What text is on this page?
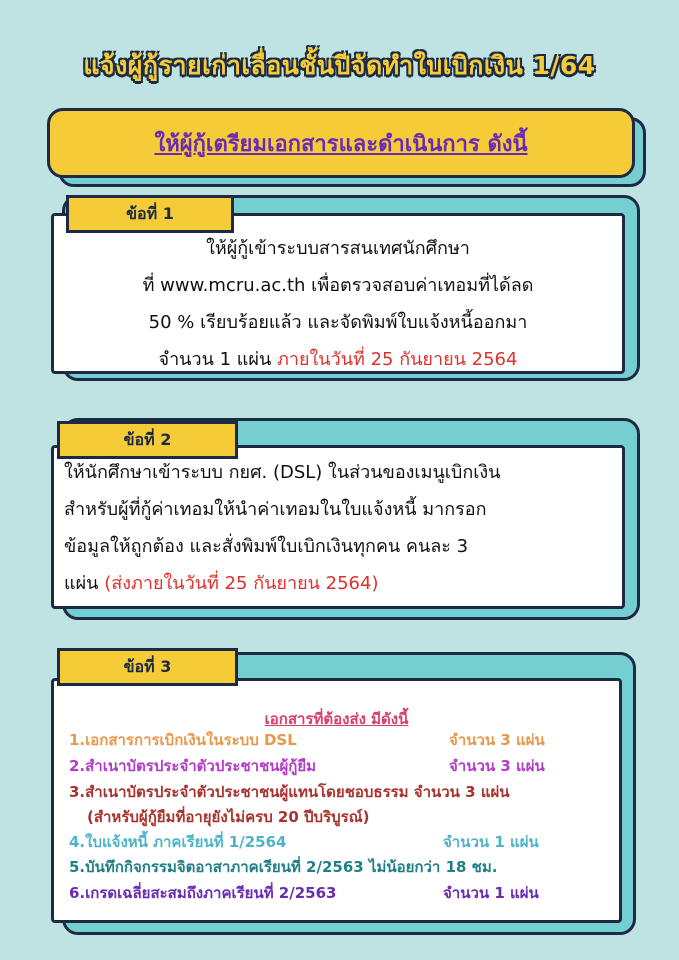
แจ้งผู้กู้รายเก่าเลื่อนชั้นปีจัดทำใบเบิกเงิน 1/64
ให้ผู้กู้เตรียมเอกสารและดำเนินการ ดังนี้
ให้ผู้กู้เข้าระบบสารสนเทศนักศึกษา
ที่ www.mcru.ac.th เพื่อตรวจสอบค่าเทอมที่ได้ลด
50 % เรียบร้อยแล้ว และจัดพิมพ์ใบแจ้งหนี้ออกมา
จำนวน 1 แผ่น ภายในวันที่ 25 กันยายน 2564
ข้อที่ 1
ให้นักศึกษาเข้าระบบ กยศ. (DSL) ในส่วนของเมนูเบิกเงิน
สำหรับผู้ที่กู้ค่าเทอมให้นำค่าเทอมในใบแจ้งหนี้ มากรอก
ข้อมูลให้ถูกต้อง และสั่งพิมพ์ใบเบิกเงินทุกคน คนละ 3
แผ่น (ส่งภายในวันที่ 25 กันยายน 2564)
ข้อที่ 2
เอกสารที่ต้องส่ง มีดังนี้
1.เอกสารการเบิกเงินในระบบ DSL	จำนวน 3 แผ่น
2.สำเนาบัตรประจำตัวประชาชนผู้กู้ยืม	จำนวน 3 แผ่น
3.สำเนาบัตรประจำตัวประชาชนผู้แทนโดยชอบธรรม จำนวน 3 แผ่น
(สำหรับผู้กู้ยืมที่อายุยังไม่ครบ 20 ปีบริบูรณ์)
4.ใบแจ้งหนี้ ภาคเรียนที่ 1/2564	จำนวน 1 แผ่น
5.บันทึกกิจกรรมจิตอาสาภาคเรียนที่ 2/2563 ไม่น้อยกว่า 18 ชม.
6.เกรดเฉลี่ยสะสมถึงภาคเรียนที่ 2/2563	จำนวน 1 แผ่น
ข้อที่ 3
